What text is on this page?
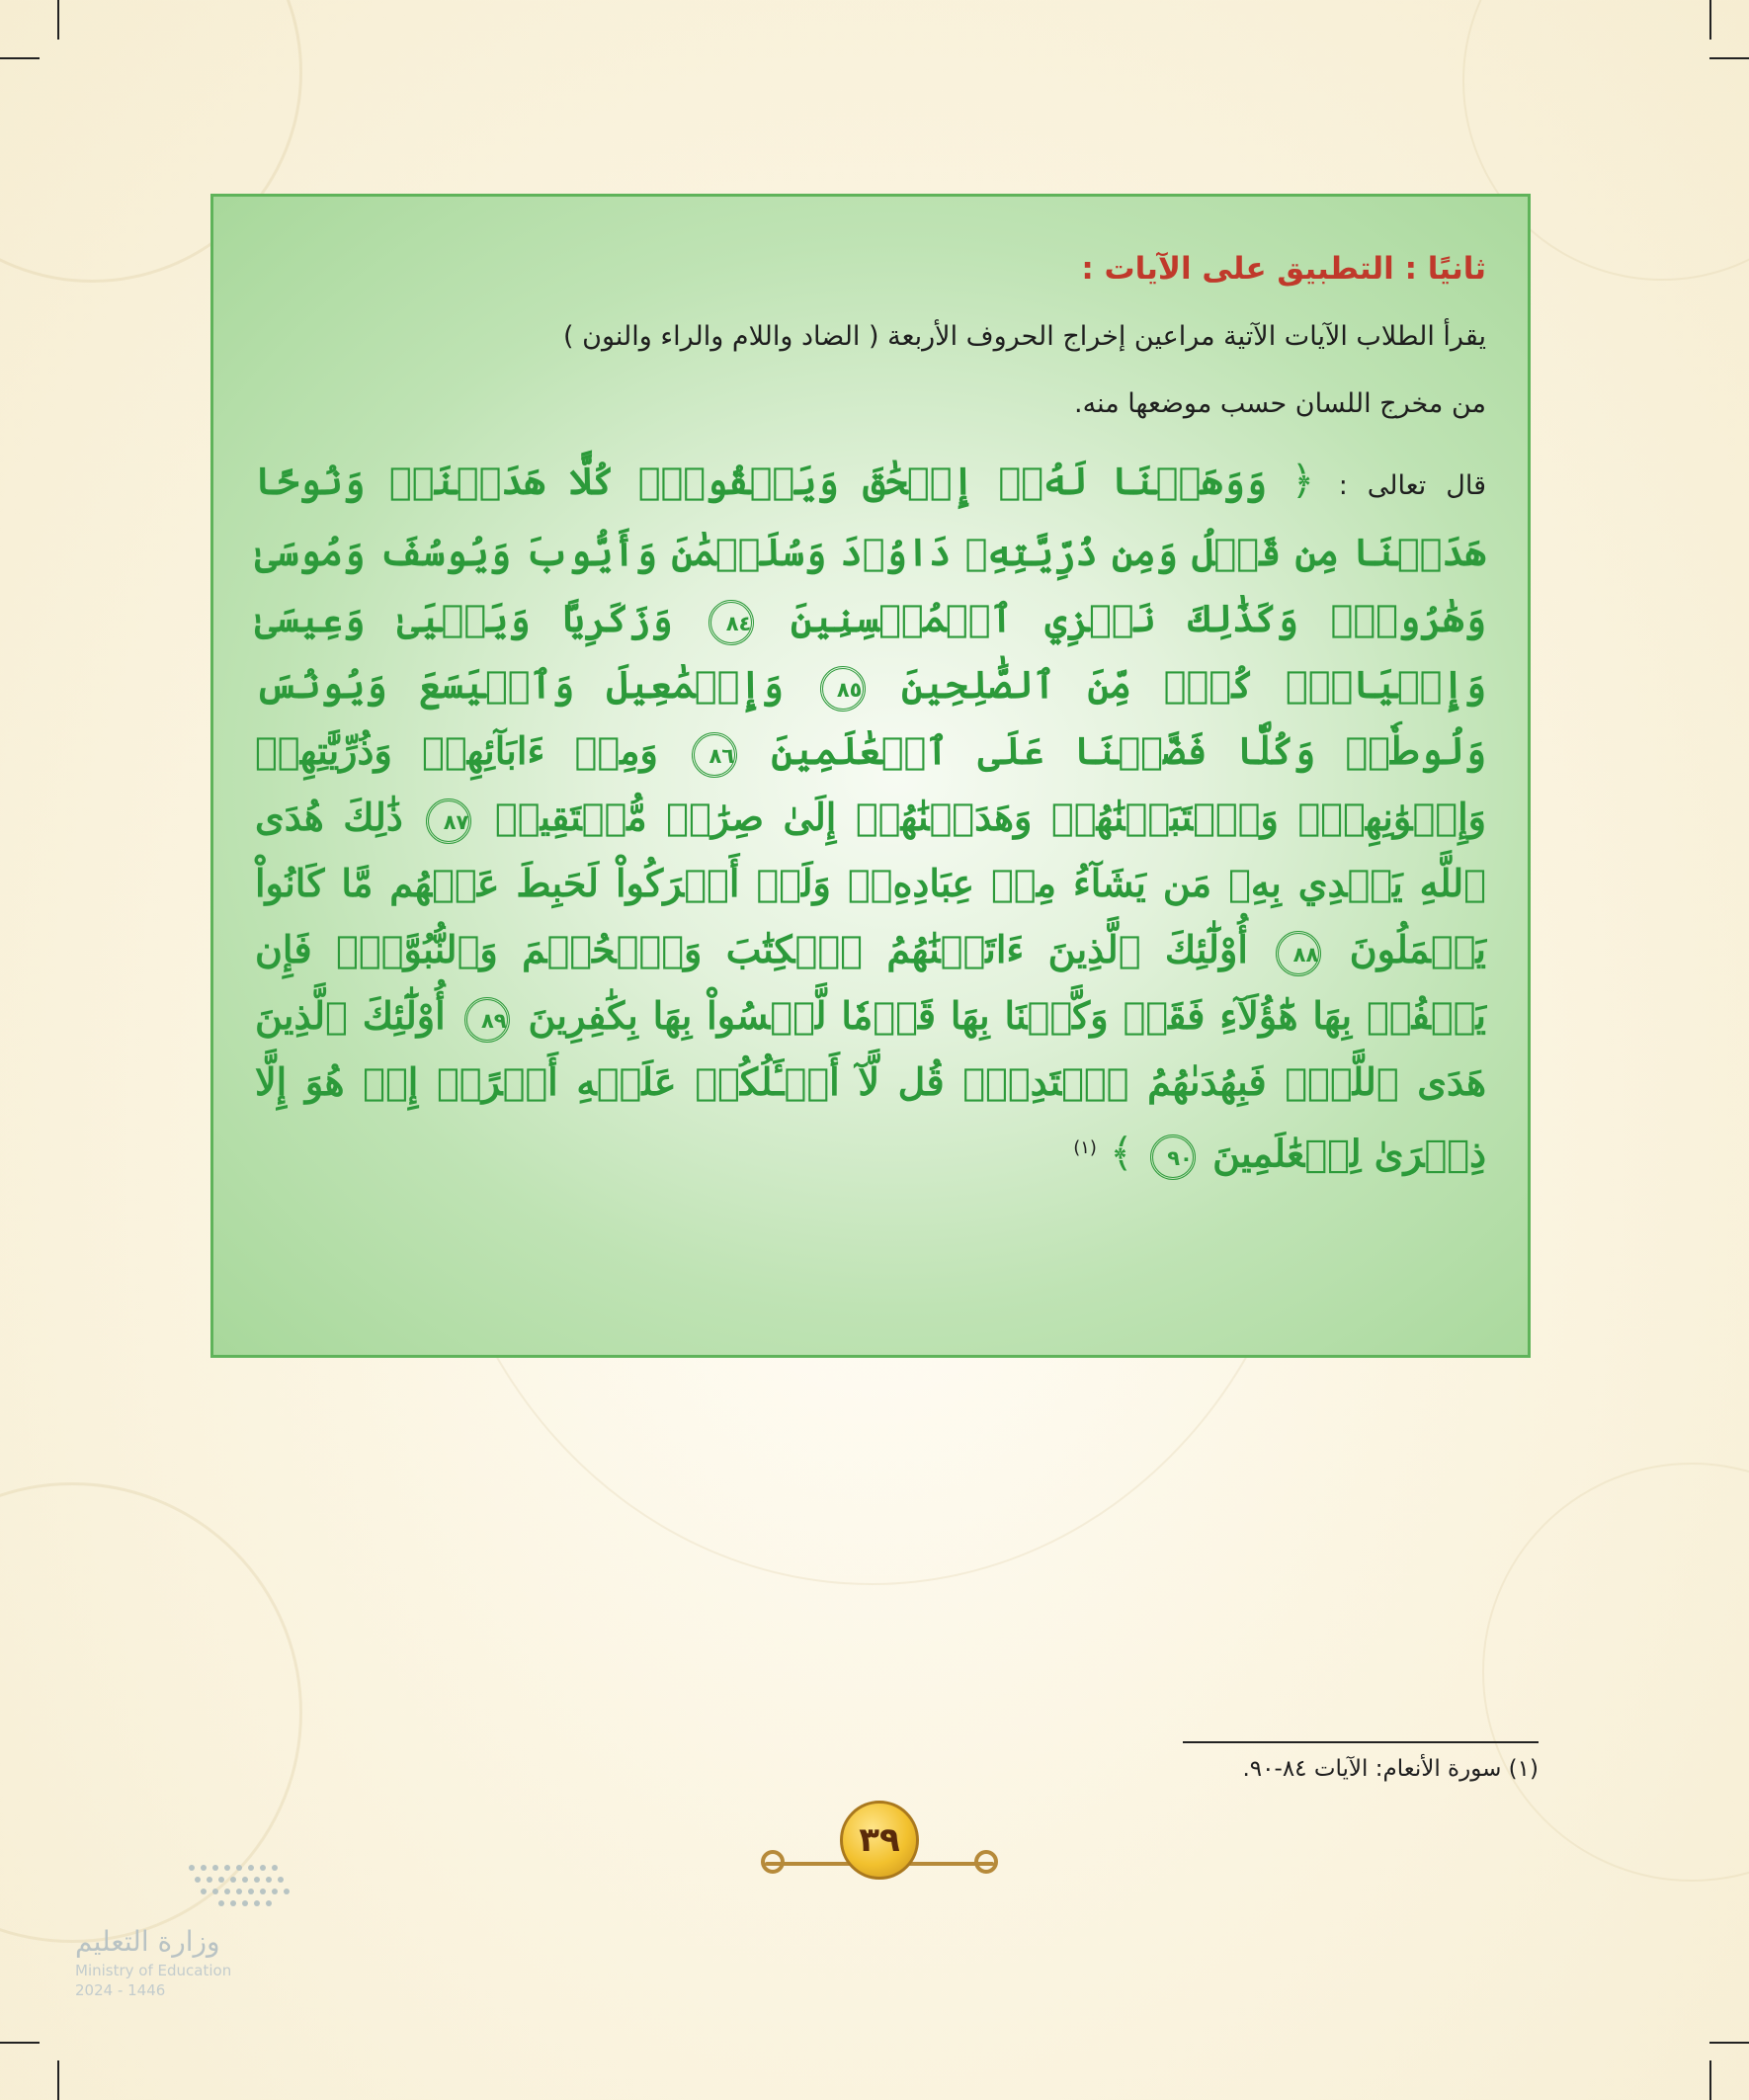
ثانيًا : التطبيق على الآيات :

يقرأ الطلاب الآيات الآتية مراعين إخراج الحروف الأربعة ( الضاد واللام والراء والنون )
من مخرج اللسان حسب موضعها منه.

قال تعالى : ﴿ وَوَهَبۡنَا لَهُۥٓ إِسۡحَٰقَ وَيَعۡقُوبَۚ كُلًّا هَدَيۡنَاۚ وَنُوحًا هَدَيۡنَا مِن قَبۡلُ وَمِن ذُرِّيَّتِهِۦ دَاوُۥدَ وَسُلَيۡمَٰنَ وَأَيُّوبَ وَيُوسُفَ وَمُوسَىٰ وَهَٰرُونَۚ وَكَذَٰلِكَ نَجۡزِي ٱلۡمُحۡسِنِينَ ٨٤ وَزَكَرِيَّا وَيَحۡيَىٰ وَعِيسَىٰ وَإِلۡيَاسَۖ كُلّٞ مِّنَ ٱلصَّٰلِحِينَ ٨٥ وَإِسۡمَٰعِيلَ وَٱلۡيَسَعَ وَيُونُسَ وَلُوطٗاۚ وَكُلّٗا فَضَّلۡنَا عَلَى ٱلۡعَٰلَمِينَ ٨٦ وَمِنۡ ءَابَآئِهِمۡ وَذُرِّيَّٰتِهِمۡ وَإِخۡوَٰنِهِمۡۖ وَٱجۡتَبَيۡنَٰهُمۡ وَهَدَيۡنَٰهُمۡ إِلَىٰ صِرَٰطٖ مُّسۡتَقِيمٖ ٨٧ ذَٰلِكَ هُدَى ٱللَّهِ يَهۡدِي بِهِۦ مَن يَشَآءُ مِنۡ عِبَادِهِۦۚ وَلَوۡ أَشۡرَكُواْ لَحَبِطَ عَنۡهُم مَّا كَانُواْ يَعۡمَلُونَ ٨٨ أُوْلَٰٓئِكَ ٱلَّذِينَ ءَاتَيۡنَٰهُمُ ٱلۡكِتَٰبَ وَٱلۡحُكۡمَ وَٱلنُّبُوَّةَۚ فَإِن يَكۡفُرۡ بِهَا هَٰٓؤُلَآءِ فَقَدۡ وَكَّلۡنَا بِهَا قَوۡمٗا لَّيۡسُواْ بِهَا بِكَٰفِرِينَ ٨٩ أُوْلَٰٓئِكَ ٱلَّذِينَ هَدَى ٱللَّهُۖ فَبِهُدَىٰهُمُ ٱقۡتَدِهۡۗ قُل لَّآ أَسۡـَٔلُكُمۡ عَلَيۡهِ أَجۡرًاۖ إِنۡ هُوَ إِلَّا ذِكۡرَىٰ لِلۡعَٰلَمِينَ ٩٠ ﴾ $^{(١)}$
(١) سورة الأنعام: الآيات ٨٤-٩٠.
٣٩
وزارة التعليم
Ministry of Education
2024 - 1446
